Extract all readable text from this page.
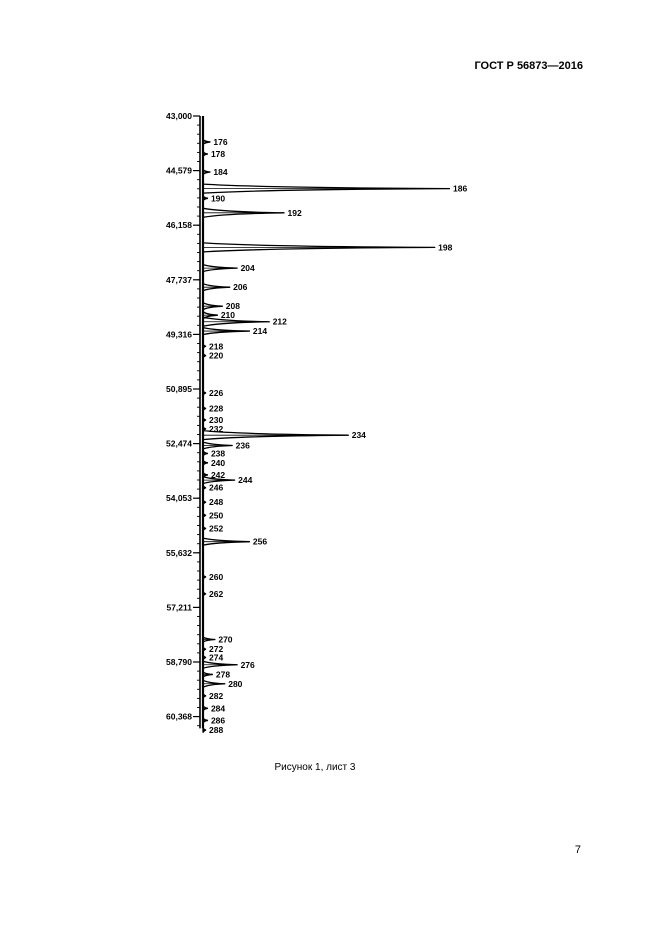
ГОСТ Р 56873—2016
43,000
44,579
46,158
47,737
49,316
50,895
52,474
54,053
55,632
57,211
58,790
60,368
176
178
184
186
190
192
198
204
206
208
210
212
214
218
220
226
228
230
232
234
236
238
240
242
244
246
248
250
252
256
260
262
270
272
274
276
278
280
282
284
286
288
Рисунок 1, лист 3
7
